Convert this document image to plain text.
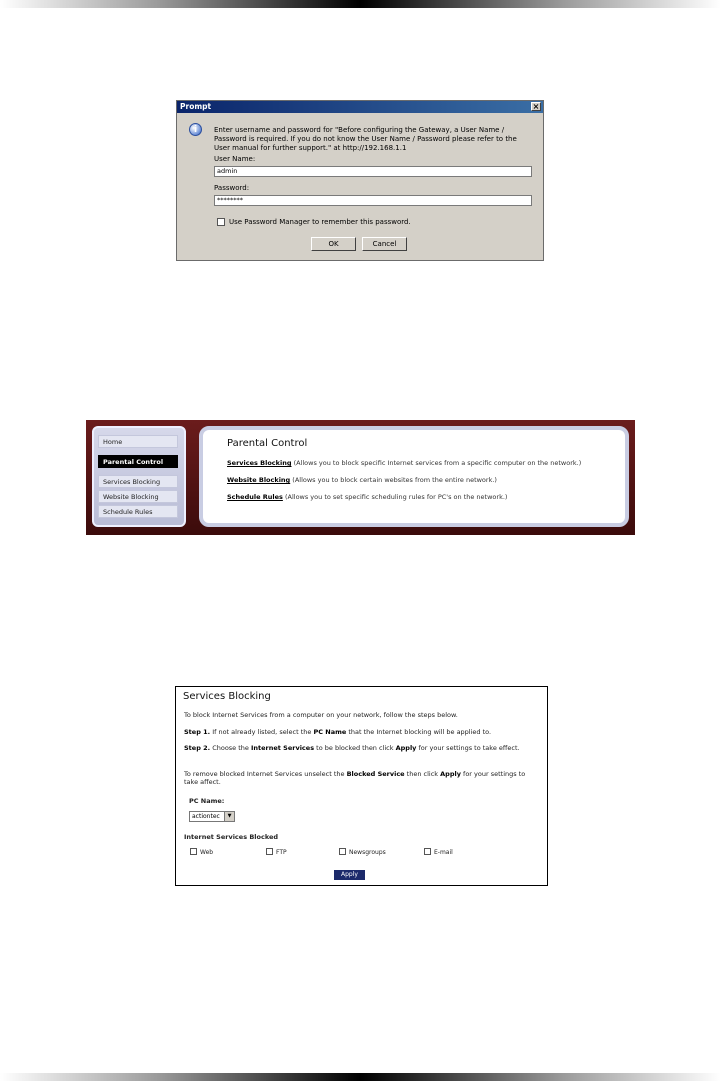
Prompt	×
i	Enter username and password for "Before configuring the Gateway, a User Name / Password is required. If you do not know the User Name / Password please refer to the User manual for further support." at http://192.168.1.1
User Name:
admin
Password:
********
Use Password Manager to remember this password.
OK	Cancel
Home
Parental Control
Services Blocking
Website Blocking
Schedule Rules
Parental Control
Services Blocking (Allows you to block specific Internet services from a specific computer on the network.)
Website Blocking (Allows you to block certain websites from the entire network.)
Schedule Rules (Allows you to set specific scheduling rules for PC's on the network.)
Services Blocking
To block Internet Services from a computer on your network, follow the steps below.
Step 1. If not already listed, select the PC Name that the Internet blocking will be applied to.
Step 2. Choose the Internet Services to be blocked then click Apply for your settings to take effect.
To remove blocked Internet Services unselect the Blocked Service then click Apply for your settings to take affect.
PC Name:
actiontec	▼
Internet Services Blocked
Web	FTP	Newsgroups	E-mail
Apply
